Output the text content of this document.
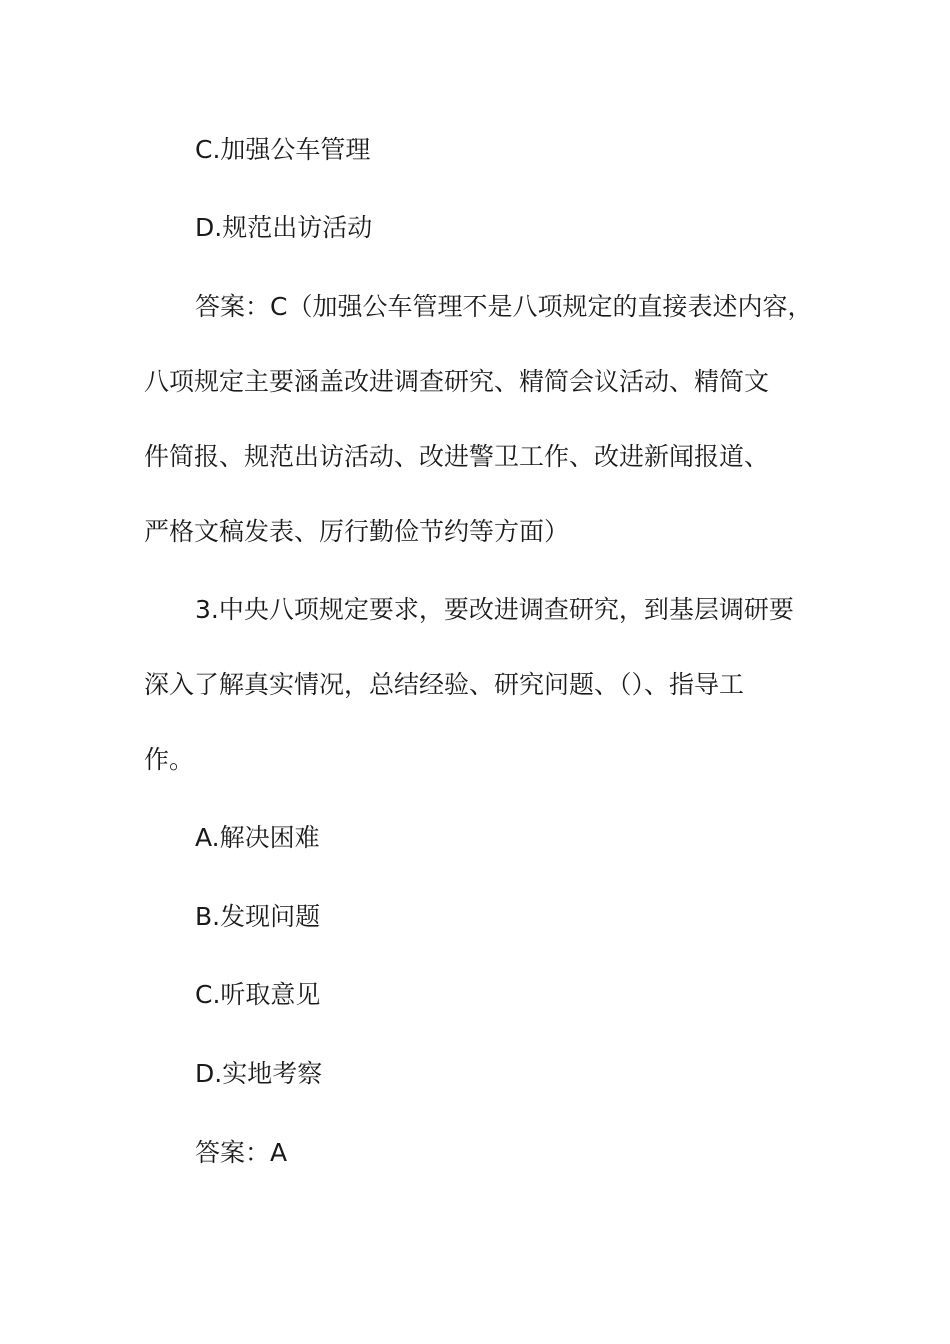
C.加强公车管理
D.规范出访活动
答案：C（加强公车管理不是八项规定的直接表述内容，
八项规定主要涵盖改进调查研究、精简会议活动、精简文
件简报、规范出访活动、改进警卫工作、改进新闻报道、
严格文稿发表、厉行勤俭节约等方面）
3.中央八项规定要求，要改进调查研究，到基层调研要
深入了解真实情况，总结经验、研究问题、（）、指导工
作。
A.解决困难
B.发现问题
C.听取意见
D.实地考察
答案：A
